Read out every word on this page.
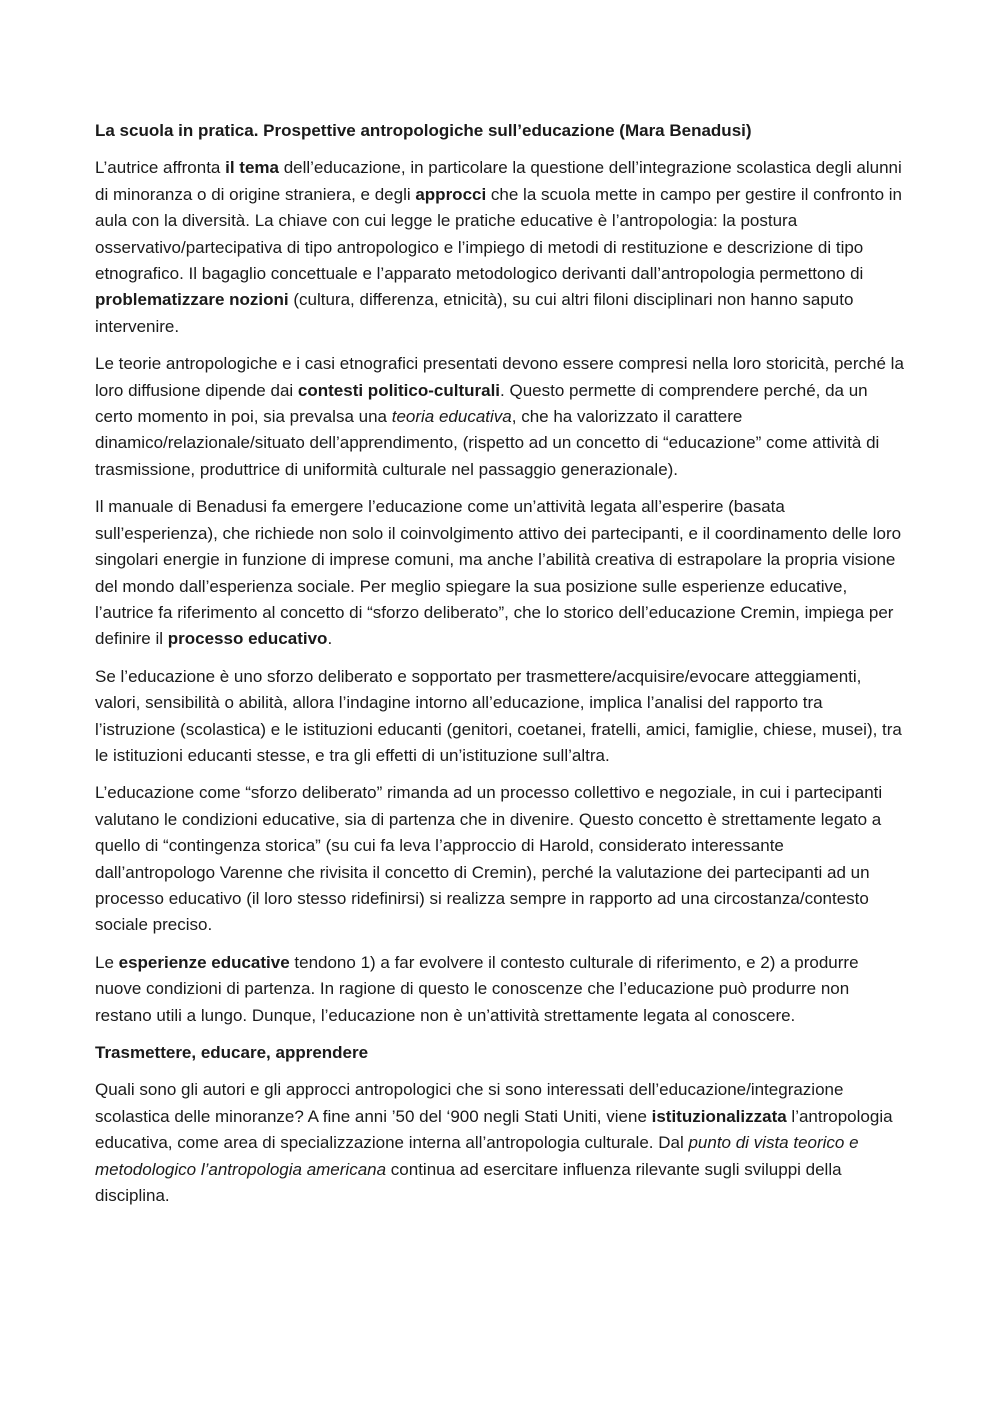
La scuola in pratica. Prospettive antropologiche sull’educazione (Mara Benadusi)

L’autrice affronta il tema dell’educazione, in particolare la questione dell’integrazione scolastica degli alunni di minoranza o di origine straniera, e degli approcci che la scuola mette in campo per gestire il confronto in aula con la diversità. La chiave con cui legge le pratiche educative è l’antropologia: la postura osservativo/partecipativa di tipo antropologico e l’impiego di metodi di restituzione e descrizione di tipo etnografico. Il bagaglio concettuale e l’apparato metodologico derivanti dall’antropologia permettono di problematizzare nozioni (cultura, differenza, etnicità), su cui altri filoni disciplinari non hanno saputo intervenire.

Le teorie antropologiche e i casi etnografici presentati devono essere compresi nella loro storicità, perché la loro diffusione dipende dai contesti politico-culturali. Questo permette di comprendere perché, da un certo momento in poi, sia prevalsa una teoria educativa, che ha valorizzato il carattere dinamico/relazionale/situato dell’apprendimento, (rispetto ad un concetto di “educazione” come attività di trasmissione, produttrice di uniformità culturale nel passaggio generazionale).

Il manuale di Benadusi fa emergere l’educazione come un’attività legata all’esperire (basata sull’esperienza), che richiede non solo il coinvolgimento attivo dei partecipanti, e il coordinamento delle loro singolari energie in funzione di imprese comuni, ma anche l’abilità creativa di estrapolare la propria visione del mondo dall’esperienza sociale. Per meglio spiegare la sua posizione sulle esperienze educative, l’autrice fa riferimento al concetto di “sforzo deliberato”, che lo storico dell’educazione Cremin, impiega per definire il processo educativo.

Se l’educazione è uno sforzo deliberato e sopportato per trasmettere/acquisire/evocare atteggiamenti, valori, sensibilità o abilità, allora l’indagine intorno all’educazione, implica l’analisi del rapporto tra l’istruzione (scolastica) e le istituzioni educanti (genitori, coetanei, fratelli, amici, famiglie, chiese, musei), tra le istituzioni educanti stesse, e tra gli effetti di un’istituzione sull’altra.

L’educazione come “sforzo deliberato” rimanda ad un processo collettivo e negoziale, in cui i partecipanti valutano le condizioni educative, sia di partenza che in divenire. Questo concetto è strettamente legato a quello di “contingenza storica” (su cui fa leva l’approccio di Harold, considerato interessante dall’antropologo Varenne che rivisita il concetto di Cremin), perché la valutazione dei partecipanti ad un processo educativo (il loro stesso ridefinirsi) si realizza sempre in rapporto ad una circostanza/contesto sociale preciso.

Le esperienze educative tendono 1) a far evolvere il contesto culturale di riferimento, e 2) a produrre nuove condizioni di partenza. In ragione di questo le conoscenze che l’educazione può produrre non restano utili a lungo. Dunque, l’educazione non è un’attività strettamente legata al conoscere.

Trasmettere, educare, apprendere

Quali sono gli autori e gli approcci antropologici che si sono interessati dell’educazione/integrazione scolastica delle minoranze? A fine anni ’50 del ‘900 negli Stati Uniti, viene istituzionalizzata l’antropologia educativa, come area di specializzazione interna all’antropologia culturale. Dal punto di vista teorico e metodologico l’antropologia americana continua ad esercitare influenza rilevante sugli sviluppi della disciplina.
